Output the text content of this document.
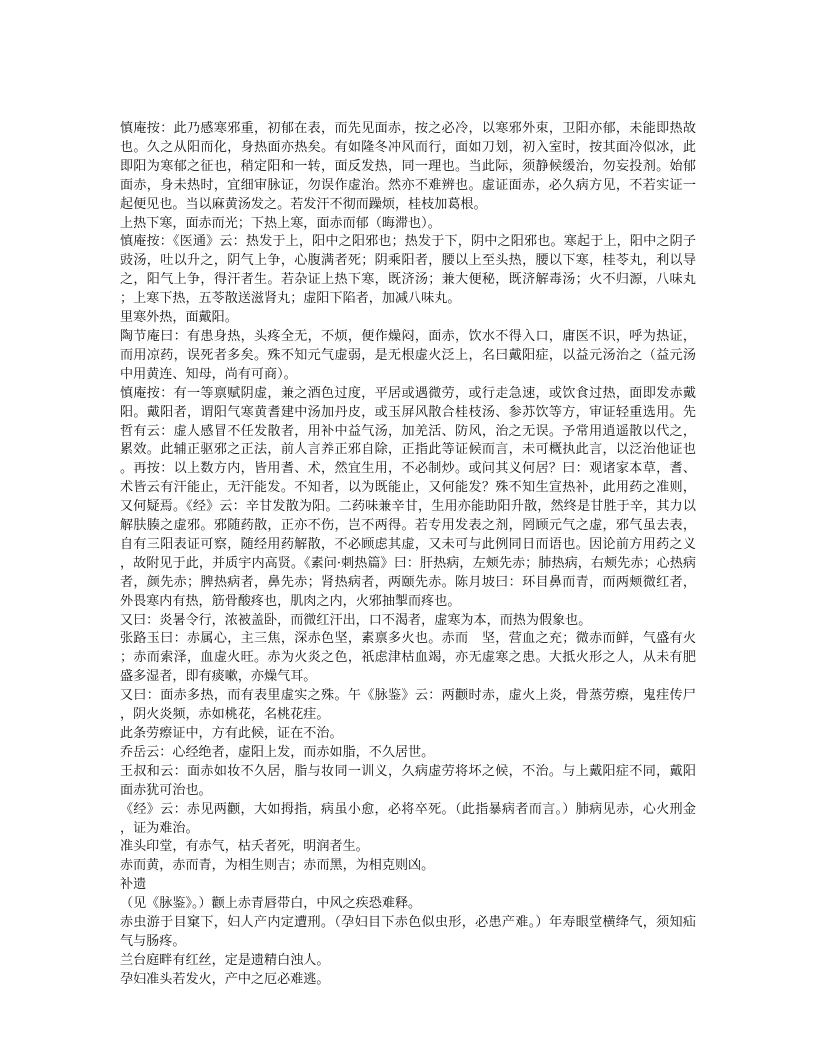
慎庵按：此乃感寒邪重，初郁在表，而先见面赤，按之必冷，以寒邪外束，卫阳亦郁，未能即热故也。久之从阳而化，身热面亦热矣。有如隆冬冲风而行，面如刀划，初入室时，按其面冷似冰，此即阳为寒郁之征也，稍定阳和一转，面反发热，同一理也。当此际，须静候缓治，勿妄投剂。始郁面赤，身未热时，宜细审脉证，勿误作虚治。然亦不难辨也。虚证面赤，必久病方见，不若实证一起便见也。当以麻黄汤发之。若发汗不彻而躁烦，桂枝加葛根。

上热下寒，面赤而光；下热上寒，面赤而郁（晦滞也）。

慎庵按：《医通》云：热发于上，阳中之阳邪也；热发于下，阴中之阳邪也。寒起于上，阳中之阴子豉汤，吐以升之，阴气上争，心腹满者死；阴乘阳者，腰以上至头热，腰以下寒，桂苓丸，利以导之，阳气上争，得汗者生。若杂证上热下寒，既济汤；兼大便秘，既济解毒汤；火不归源，八味丸；上寒下热，五苓散送滋肾丸；虚阳下陷者，加减八味丸。

里寒外热，面戴阳。

陶节庵曰：有患身热，头疼全无，不烦，便作燥闷，面赤，饮水不得入口，庸医不识，呼为热证，而用凉药，误死者多矣。殊不知元气虚弱，是无根虚火泛上，名曰戴阳症，以益元汤治之（益元汤中用黄连、知母，尚有可商）。

慎庵按：有一等禀赋阴虚，兼之酒色过度，平居或遇微劳，或行走急速，或饮食过热，面即发赤戴阳。戴阳者，谓阳气寒黄耆建中汤加丹皮，或玉屏风散合桂枝汤、参苏饮等方，审证轻重选用。先哲有云：虚人感冒不任发散者，用补中益气汤，加羌活、防风，治之无误。予常用逍遥散以代之，累效。此辅正驱邪之正法，前人言养正邪自除，正指此等证候而言，未可概执此言，以泛治他证也。再按：以上数方内，皆用耆、术，然宜生用，不必制炒。或问其义何居？曰：观诸家本草，耆、术皆云有汗能止，无汗能发。不知者，以为既能止，又何能发？殊不知生宣热补，此用药之准则，又何疑焉。《经》云：辛甘发散为阳。二药味兼辛甘，生用亦能助阳升散，然终是甘胜于辛，其力以解肤腠之虚邪。邪随药散，正亦不伤，岂不两得。若专用发表之剂，罔顾元气之虚，邪气虽去表，自有三阳表证可察，随经用药解散，不必顾虑其虚，又未可与此例同日而语也。因论前方用药之义，故附见于此，并质宇内高贤。《素问·刺热篇》曰：肝热病，左颊先赤；肺热病，右颊先赤；心热病者，颜先赤；脾热病者，鼻先赤；肾热病者，两颐先赤。陈月坡曰：环目鼻而青，而两颊微红者，外畏寒内有热，筋骨酸疼也，肌肉之内，火邪抽掣而疼也。

又曰：炎暑令行，浓被盖卧，而微红汗出，口不渴者，虚寒为本，而热为假象也。

张路玉曰：赤属心，主三焦，深赤色坚，素禀多火也。赤而　坚，营血之充；微赤而鲜，气盛有火；赤而索泽，血虚火旺。赤为火炎之色，祇虑津枯血竭，亦无虚寒之患。大抵火形之人，从未有肥盛多湿者，即有痰嗽，亦燥气耳。

又曰：面赤多热，而有表里虚实之殊。午《脉鉴》云：两颧时赤，虚火上炎，骨蒸劳瘵，鬼疰传尸，阴火炎频，赤如桃花，名桃花疰。

此条劳瘵证中，方有此候，证在不治。

乔岳云：心经绝者，虚阳上发，而赤如脂，不久居世。

王叔和云：面赤如妆不久居，脂与妆同一训义，久病虚劳将坏之候，不治。与上戴阳症不同，戴阳面赤犹可治也。

《经》云：赤见两颧，大如拇指，病虽小愈，必将卒死。（此指暴病者而言。）肺病见赤，心火刑金，证为难治。

准头印堂，有赤气，枯夭者死，明润者生。

赤而黄，赤而青，为相生则吉；赤而黑，为相克则凶。

补遗

（见《脉鉴》。）颧上赤青唇带白，中风之疾恐难释。

赤虫游于目窠下，妇人产内定遭刑。（孕妇目下赤色似虫形，必患产难。）年寿眼堂横绛气，须知疝气与肠疼。

兰台庭畔有红丝，定是遗精白浊人。

孕妇准头若发火，产中之厄必难逃。
